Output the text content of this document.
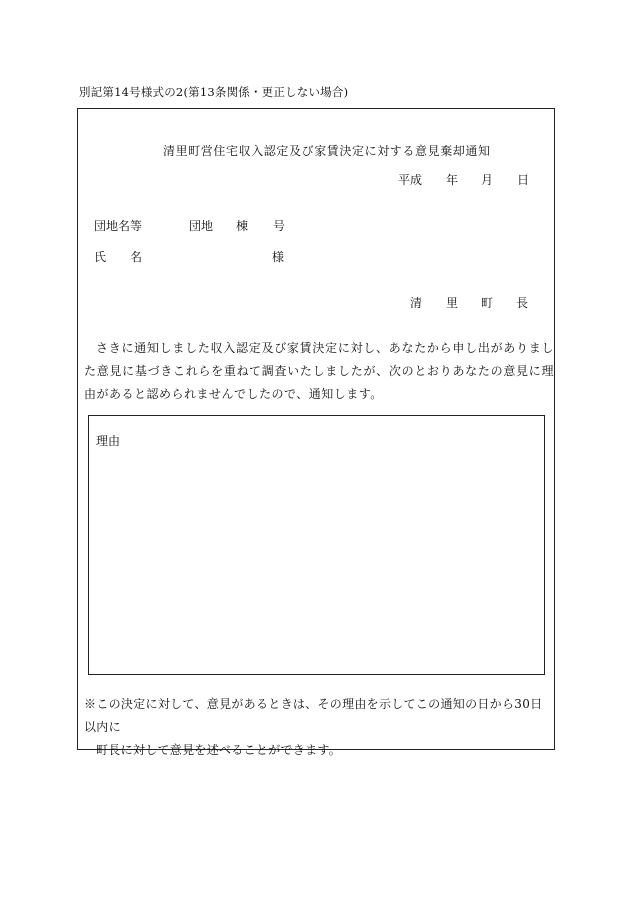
別記第14号様式の2(第13条関係・更正しない場合)
清里町営住宅収入認定及び家賃決定に対する意見棄却通知
平成 年 月 日
団地名等	団地 棟 号
氏 名	様
清 里 町 長
さきに通知しました収入認定及び家賃決定に対し、あなたから申し出がありました意見に基づきこれらを重ねて調査いたしましたが、次のとおりあなたの意見に理由があると認められませんでしたので、通知します。
理由
※この決定に対して、意見があるときは、その理由を示してこの通知の日から30日以内に
町長に対して意見を述べることができます。
